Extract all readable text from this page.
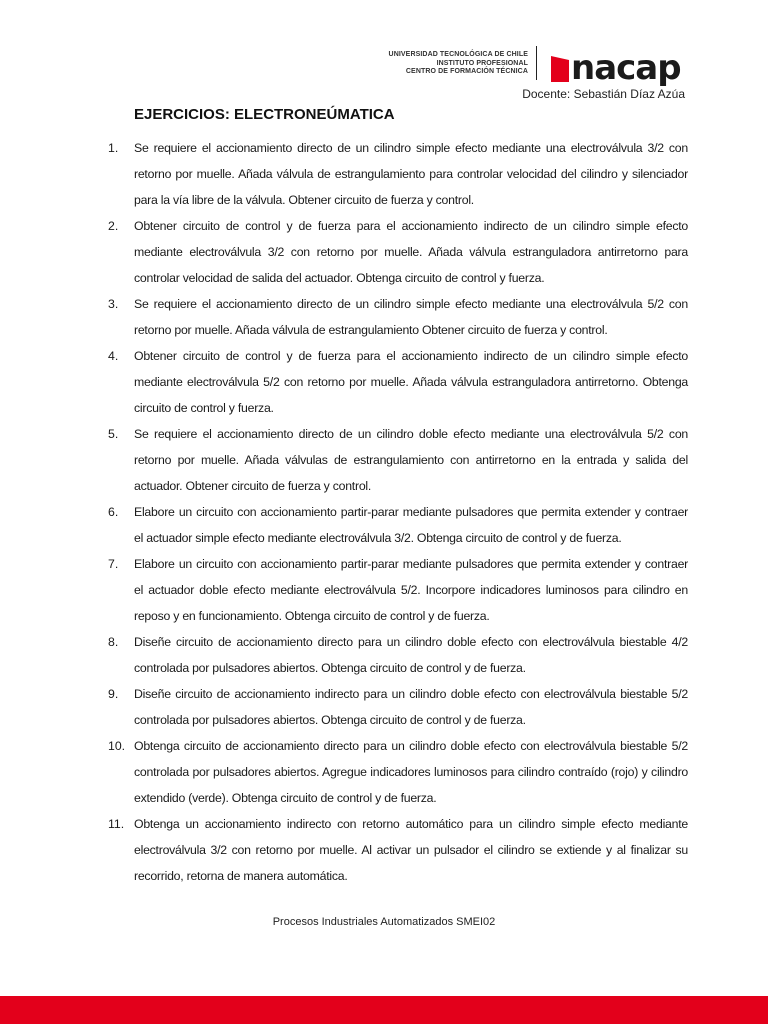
UNIVERSIDAD TECNOLÓGICA DE CHILE
INSTITUTO PROFESIONAL
CENTRO DE FORMACIÓN TÉCNICA nacap
Docente: Sebastián Díaz Azúa
EJERCICIOS: ELECTRONEÚMATICA
1. Se requiere el accionamiento directo de un cilindro simple efecto mediante una electroválvula 3/2 con retorno por muelle. Añada válvula de estrangulamiento para controlar velocidad del cilindro y silenciador para la vía libre de la válvula. Obtener circuito de fuerza y control.
2. Obtener circuito de control y de fuerza para el accionamiento indirecto de un cilindro simple efecto mediante electroválvula 3/2 con retorno por muelle. Añada válvula estranguladora antirretorno para controlar velocidad de salida del actuador. Obtenga circuito de control y fuerza.
3. Se requiere el accionamiento directo de un cilindro simple efecto mediante una electroválvula 5/2 con retorno por muelle. Añada válvula de estrangulamiento Obtener circuito de fuerza y control.
4. Obtener circuito de control y de fuerza para el accionamiento indirecto de un cilindro simple efecto mediante electroválvula 5/2 con retorno por muelle. Añada válvula estranguladora antirretorno. Obtenga circuito de control y fuerza.
5. Se requiere el accionamiento directo de un cilindro doble efecto mediante una electroválvula 5/2 con retorno por muelle. Añada válvulas de estrangulamiento con antirretorno en la entrada y salida del actuador. Obtener circuito de fuerza y control.
6. Elabore un circuito con accionamiento partir-parar mediante pulsadores que permita extender y contraer el actuador simple efecto mediante electroválvula 3/2. Obtenga circuito de control y de fuerza.
7. Elabore un circuito con accionamiento partir-parar mediante pulsadores que permita extender y contraer el actuador doble efecto mediante electroválvula 5/2. Incorpore indicadores luminosos para cilindro en reposo y en funcionamiento. Obtenga circuito de control y de fuerza.
8. Diseñe circuito de accionamiento directo para un cilindro doble efecto con electroválvula biestable 4/2 controlada por pulsadores abiertos. Obtenga circuito de control y de fuerza.
9. Diseñe circuito de accionamiento indirecto para un cilindro doble efecto con electroválvula biestable 5/2 controlada por pulsadores abiertos. Obtenga circuito de control y de fuerza.
10. Obtenga circuito de accionamiento directo para un cilindro doble efecto con electroválvula biestable 5/2 controlada por pulsadores abiertos. Agregue indicadores luminosos para cilindro contraído (rojo) y cilindro extendido (verde). Obtenga circuito de control y de fuerza.
11. Obtenga un accionamiento indirecto con retorno automático para un cilindro simple efecto mediante electroválvula 3/2 con retorno por muelle. Al activar un pulsador el cilindro se extiende y al finalizar su recorrido, retorna de manera automática.
Procesos Industriales Automatizados SMEI02
